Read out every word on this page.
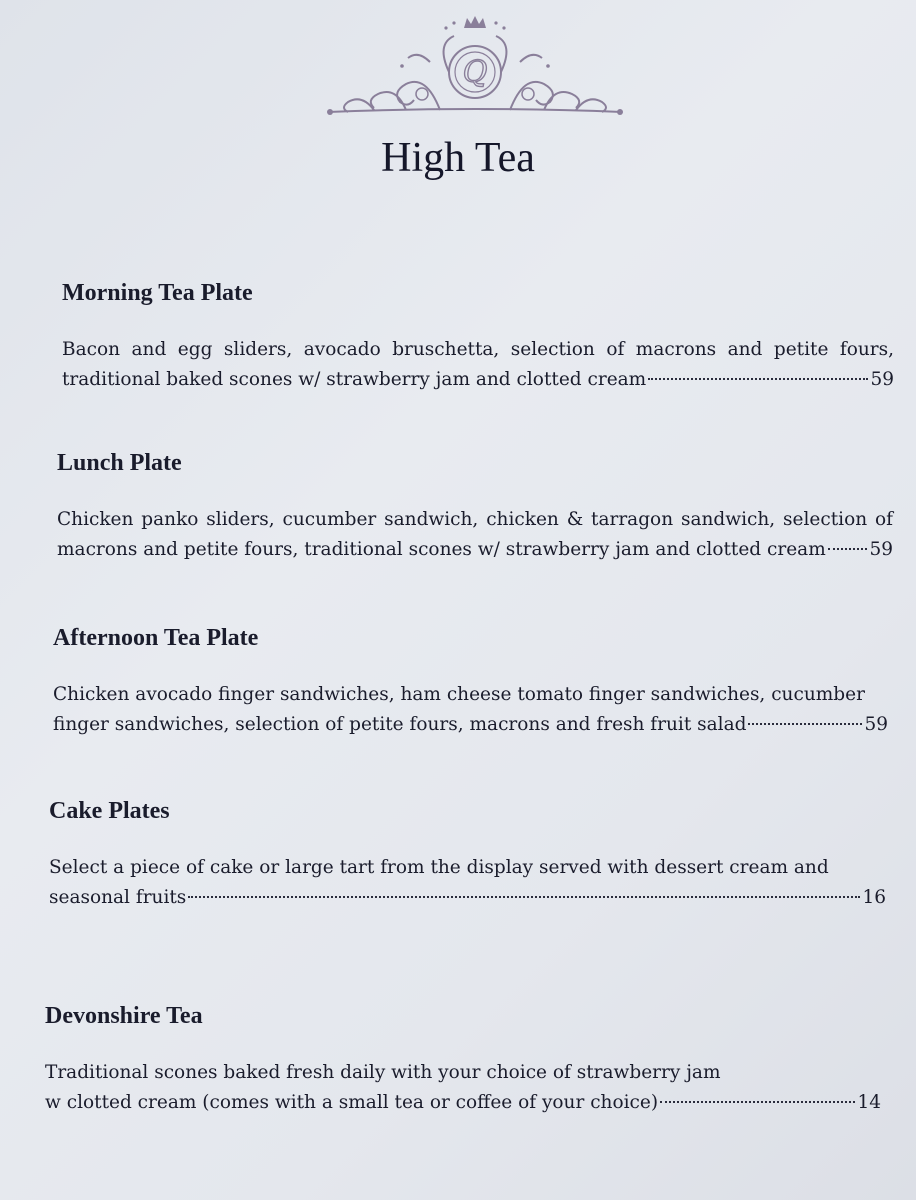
Q
High Tea
Morning Tea Plate
Bacon and egg sliders, avocado bruschetta, selection of macrons and petite fours,
traditional baked scones w/ strawberry jam and clotted cream	59
Lunch Plate
Chicken panko sliders, cucumber sandwich, chicken & tarragon sandwich, selection of
macrons and petite fours, traditional scones w/ strawberry jam and clotted cream 59
Afternoon Tea Plate
Chicken avocado finger sandwiches, ham cheese tomato finger sandwiches, cucumber
finger sandwiches, selection of petite fours, macrons and fresh fruit salad	59
Cake Plates
Select a piece of cake or large tart from the display served with dessert cream and
seasonal fruits	16
Devonshire Tea
Traditional scones baked fresh daily with your choice of strawberry jam
w clotted cream (comes with a small tea or coffee of your choice)	14
